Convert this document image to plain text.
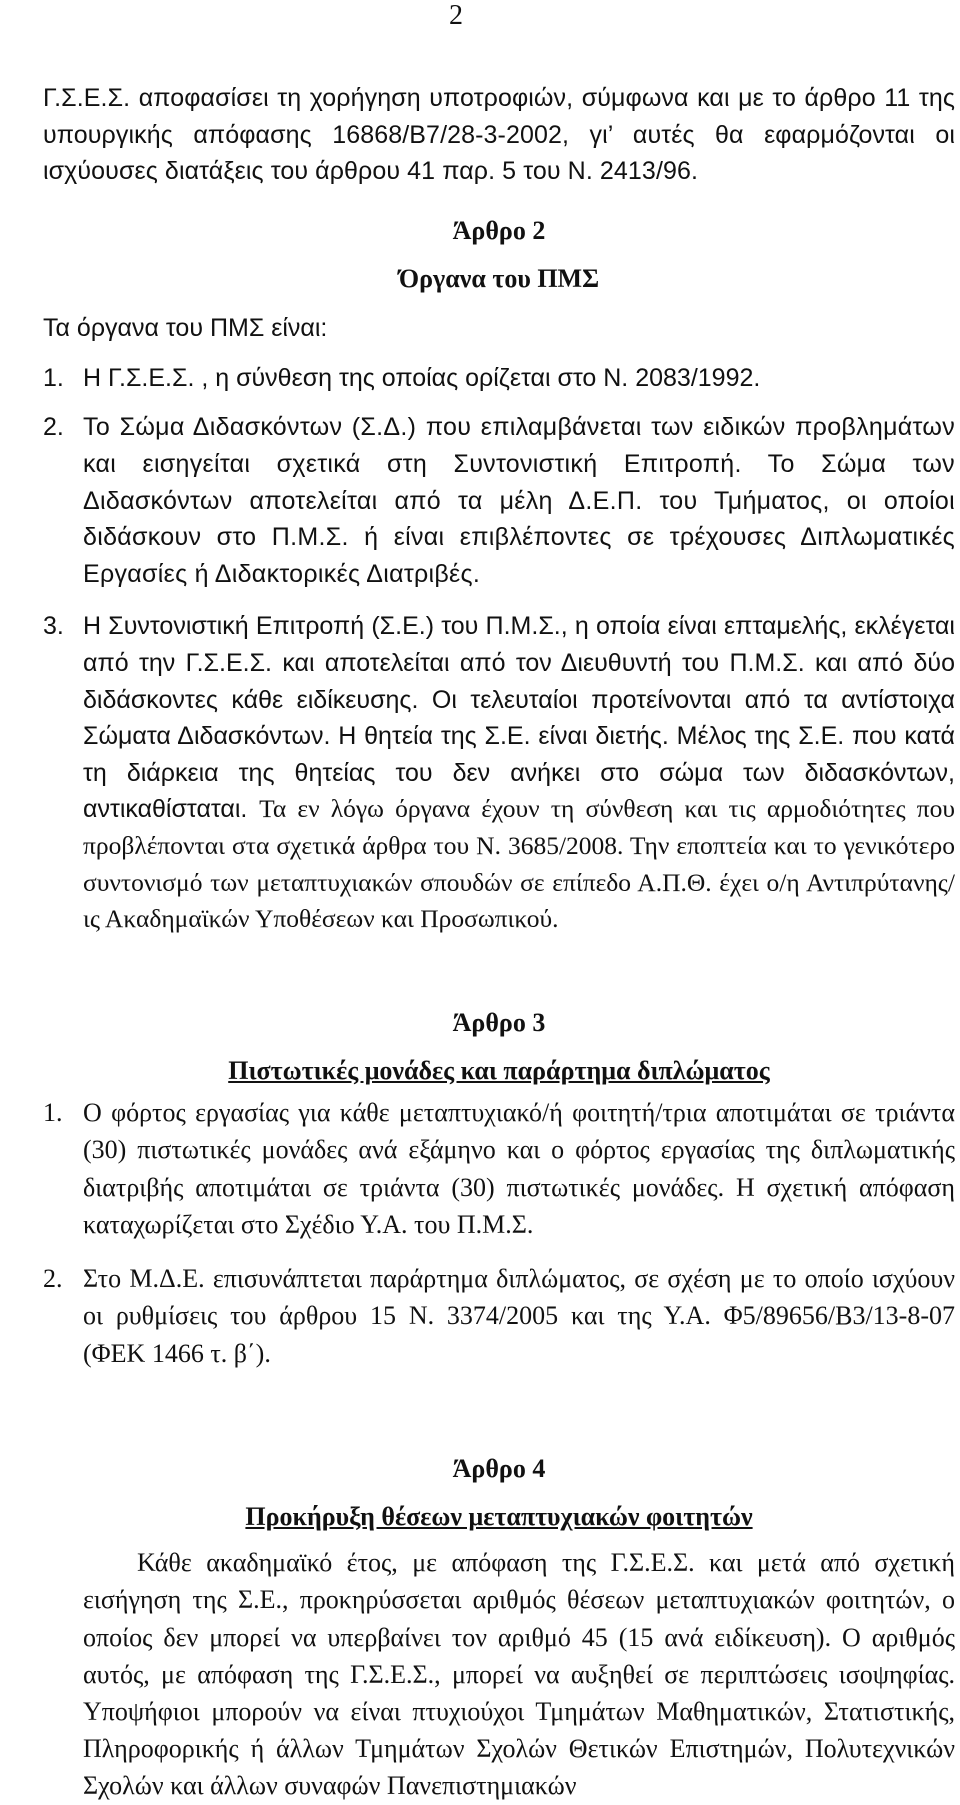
2

Γ.Σ.Ε.Σ. αποφασίσει τη χορήγηση υποτροφιών, σύμφωνα και με το άρθρο 11 της υπουργικής απόφασης 16868/Β7/28-3-2002, γι’ αυτές θα εφαρμόζονται οι ισχύουσες διατάξεις του άρθρου 41 παρ. 5 του Ν. 2413/96.

Άρθρο 2

Όργανα του ΠΜΣ

Τα όργανα του ΠΜΣ είναι:

1. Η Γ.Σ.Ε.Σ. , η σύνθεση της οποίας ορίζεται στο Ν. 2083/1992.

2. Το Σώμα Διδασκόντων (Σ.Δ.) που επιλαμβάνεται των ειδικών προβλημάτων και εισηγείται σχετικά στη Συντονιστική Επιτροπή. Το Σώμα των Διδασκόντων αποτελείται από τα μέλη Δ.Ε.Π. του Τμήματος, οι οποίοι διδάσκουν στο Π.Μ.Σ. ή είναι επιβλέποντες σε τρέχουσες Διπλωματικές Εργασίες ή Διδακτορικές Διατριβές.

3. Η Συντονιστική Επιτροπή (Σ.Ε.) του Π.Μ.Σ., η οποία είναι επταμελής, εκλέγεται από την Γ.Σ.Ε.Σ. και αποτελείται από τον Διευθυντή του Π.Μ.Σ. και από δύο διδάσκοντες κάθε ειδίκευσης. Οι τελευταίοι προτείνονται από τα αντίστοιχα Σώματα Διδασκόντων. Η θητεία της Σ.Ε. είναι διετής. Μέλος της Σ.Ε. που κατά τη διάρκεια της θητείας του δεν ανήκει στο σώμα των διδασκόντων, αντικαθίσταται. Τα εν λόγω όργανα έχουν τη σύνθεση και τις αρμοδιότητες που προβλέπονται στα σχετικά άρθρα του Ν. 3685/2008. Την εποπτεία και το γενικότερο συντονισμό των μεταπτυχιακών σπουδών σε επίπεδο Α.Π.Θ. έχει ο/η Αντιπρύτανης/ις Ακαδημαϊκών Υποθέσεων και Προσωπικού.

Άρθρο 3

Πιστωτικές μονάδες και παράρτημα διπλώματος

1. Ο φόρτος εργασίας για κάθε μεταπτυχιακό/ή φοιτητή/τρια αποτιμάται σε τριάντα (30) πιστωτικές μονάδες ανά εξάμηνο και ο φόρτος εργασίας της διπλωματικής διατριβής αποτιμάται σε τριάντα (30) πιστωτικές μονάδες. Η σχετική απόφαση καταχωρίζεται στο Σχέδιο Υ.Α. του Π.Μ.Σ.

2. Στο Μ.Δ.Ε. επισυνάπτεται παράρτημα διπλώματος, σε σχέση με το οποίο ισχύουν οι ρυθμίσεις του άρθρου 15 Ν. 3374/2005 και της Υ.Α. Φ5/89656/Β3/13-8-07 (ΦΕΚ 1466 τ. β΄).

Άρθρο 4

Προκήρυξη θέσεων μεταπτυχιακών φοιτητών

Κάθε ακαδημαϊκό έτος, με απόφαση της Γ.Σ.Ε.Σ. και μετά από σχετική εισήγηση της Σ.Ε., προκηρύσσεται αριθμός θέσεων μεταπτυχιακών φοιτητών, ο οποίος δεν μπορεί να υπερβαίνει τον αριθμό 45 (15 ανά ειδίκευση). Ο αριθμός αυτός, με απόφαση της Γ.Σ.Ε.Σ., μπορεί να αυξηθεί σε περιπτώσεις ισοψηφίας. Υποψήφιοι μπορούν να είναι πτυχιούχοι Τμημάτων Μαθηματικών, Στατιστικής, Πληροφορικής ή άλλων Τμημάτων Σχολών Θετικών Επιστημών, Πολυτεχνικών Σχολών και άλλων συναφών Πανεπιστημιακών
